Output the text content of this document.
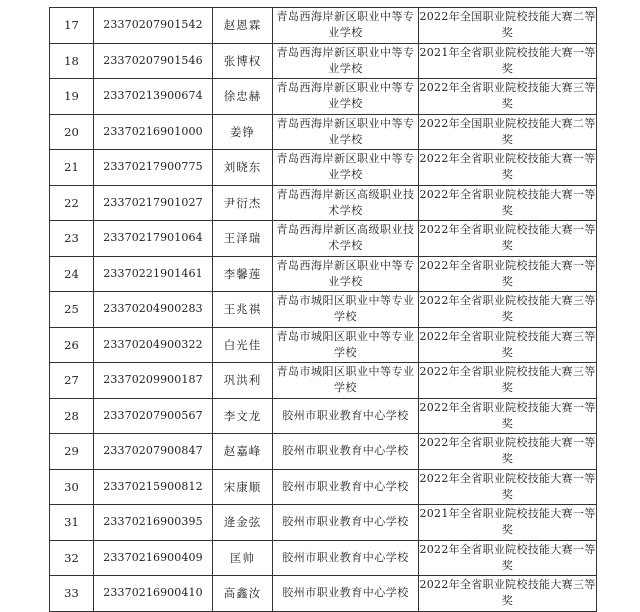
17	23370207901542	赵恩霖	青岛西海岸新区职业中等专业学校	2022年全国职业院校技能大赛二等奖
18	23370207901546	张博权	青岛西海岸新区职业中等专业学校	2021年全省职业院校技能大赛一等奖
19	23370213900674	徐忠赫	青岛西海岸新区职业中等专业学校	2022年全省职业院校技能大赛三等奖
20	23370216901000	姜铮	青岛西海岸新区职业中等专业学校	2022年全国职业院校技能大赛二等奖
21	23370217900775	刘晓东	青岛西海岸新区职业中等专业学校	2022年全省职业院校技能大赛一等奖
22	23370217901027	尹衍杰	青岛西海岸新区高级职业技术学校	2022年全省职业院校技能大赛一等奖
23	23370217901064	王泽瑞	青岛西海岸新区高级职业技术学校	2022年全省职业院校技能大赛一等奖
24	23370221901461	李馨莲	青岛西海岸新区职业中等专业学校	2022年全省职业院校技能大赛一等奖
25	23370204900283	王兆祺	青岛市城阳区职业中等专业学校	2022年全省职业院校技能大赛三等奖
26	23370204900322	白光佳	青岛市城阳区职业中等专业学校	2022年全省职业院校技能大赛三等奖
27	23370209900187	巩洪利	青岛市城阳区职业中等专业学校	2022年全省职业院校技能大赛三等奖
28	23370207900567	李文龙	胶州市职业教育中心学校	2022年全省职业院校技能大赛一等奖
29	23370207900847	赵嘉峰	胶州市职业教育中心学校	2022年全省职业院校技能大赛一等奖
30	23370215900812	宋康顺	胶州市职业教育中心学校	2022年全省职业院校技能大赛一等奖
31	23370216900395	逄金弦	胶州市职业教育中心学校	2021年全省职业院校技能大赛一等奖
32	23370216900409	匡帅	胶州市职业教育中心学校	2022年全省职业院校技能大赛一等奖
33	23370216900410	高鑫汝	胶州市职业教育中心学校	2022年全省职业院校技能大赛三等奖
